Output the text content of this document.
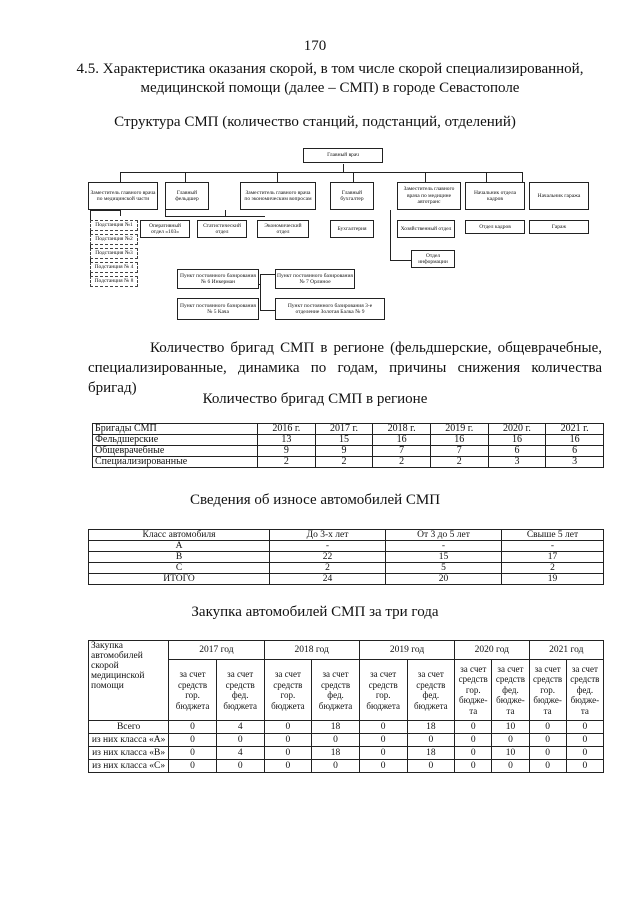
170
4.5. Характеристика оказания скорой, в том числе скорой специализированной, медицинской помощи (далее – СМП) в городе Севастополе
Структура СМП (количество станций, подстанций, отделений)
Главный врач
Заместитель главного врача по медицинской части
Главный фельдшер
Заместитель главного врача по экономическим вопросам
Главный бухгалтер
Заместитель главного врача по медицине автотранс
Начальник отдела кадров
Начальник гаража
Подстанция №1
Подстанция №2
Подстанция №3
Подстанция № 4
Подстанция № 8
Оперативный отдел «103»
Статистический отдел
Экономический отдел
Бухгалтерия	Хозяйственный отдел
Отдел информации
Отдел кадров	Гараж
Пункт постоянного базирования № 6 Инкерман
Пункт постоянного базирования № 7 Орлиное
Пункт постоянного базирования № 5 Кача
Пункт постоянного базирования 3-е отделение Золотая Балка № 9
Количество бригад СМП в регионе (фельдшерские, общеврачебные, специализированные, динамика по годам, причины снижения количества бригад)
Количество бригад СМП в регионе
Бригады СМП	2016 г.	2017 г.	2018 г.	2019 г.	2020 г.	2021 г.
Фельдшерские	13	15	16	16	16	16
Общеврачебные	9	9	7	7	6	6
Специализированные	2	2	2	2	3	3
Сведения об износе автомобилей СМП
Класс автомобиля	До 3-х лет	От 3 до 5 лет	Свыше 5 лет
А	-	-	-
В	22	15	17
С	2	5	2
ИТОГО	24	20	19
Закупка автомобилей СМП за три года
Закупка автомобилей скорой медицинской помощи	2017 год		2018 год		2019 год		2020 год		2021 год	
	за счет средств гор. бюджета	за счет средств фед. бюджета	за счет средств гор. бюджета	за счет средств фед. бюджета	за счет средств гор. бюджета	за счет средств фед. бюджета	за счет средств гор. бюдже-та	за счет средств фед. бюдже-та	за счет средств гор. бюдже-та	за счет средств фед. бюдже-та
Всего	0	4	0	18	0	18	0	10	0	0
из них класса «А»	0	0	0	0	0	0	0	0	0	0
из них класса «В»	0	4	0	18	0	18	0	10	0	0
из них класса «С»	0	0	0	0	0	0	0	0	0	0
